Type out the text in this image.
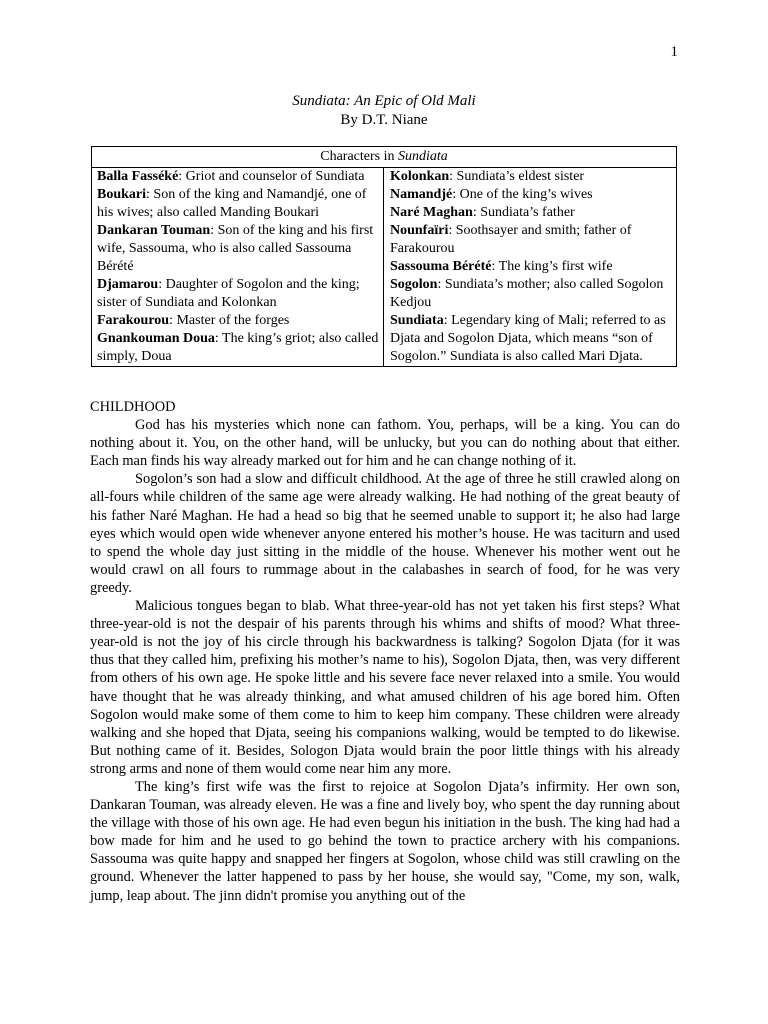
1
Sundiata: An Epic of Old Mali
By D.T. Niane
Characters in Sundiata

Balla Fasséké: Griot and counselor of Sundiata

Boukari: Son of the king and Namandjé, one of his wives; also called Manding Boukari

Dankaran Touman: Son of the king and his first wife, Sassouma, who is also called Sassouma Bérété

Djamarou: Daughter of Sogolon and the king; sister of Sundiata and Kolonkan

Farakourou: Master of the forges

Gnankouman Doua: The king’s griot; also called simply, Doua

Kolonkan: Sundiata’s eldest sister

Namandjé: One of the king’s wives

Naré Maghan: Sundiata’s father

Nounfaïri: Soothsayer and smith; father of Farakourou

Sassouma Bérété: The king’s first wife

Sogolon: Sundiata’s mother; also called Sogolon Kedjou

Sundiata: Legendary king of Mali; referred to as Djata and Sogolon Djata, which means “son of Sogolon.” Sundiata is also called Mari Djata.

CHILDHOOD

God has his mysteries which none can fathom. You, perhaps, will be a king. You can do nothing about it. You, on the other hand, will be unlucky, but you can do nothing about that either. Each man finds his way already marked out for him and he can change nothing of it.

Sogolon’s son had a slow and difficult childhood. At the age of three he still crawled along on all-fours while children of the same age were already walking. He had nothing of the great beauty of his father Naré Maghan. He had a head so big that he seemed unable to support it; he also had large eyes which would open wide whenever anyone entered his mother’s house. He was taciturn and used to spend the whole day just sitting in the middle of the house. Whenever his mother went out he would crawl on all fours to rummage about in the calabashes in search of food, for he was very greedy.

Malicious tongues began to blab. What three-year-old has not yet taken his first steps? What three-year-old is not the despair of his parents through his whims and shifts of mood? What three-year-old is not the joy of his circle through his backwardness is talking? Sogolon Djata (for it was thus that they called him, prefixing his mother’s name to his), Sogolon Djata, then, was very different from others of his own age. He spoke little and his severe face never relaxed into a smile. You would have thought that he was already thinking, and what amused children of his age bored him. Often Sogolon would make some of them come to him to keep him company. These children were already walking and she hoped that Djata, seeing his companions walking, would be tempted to do likewise. But nothing came of it. Besides, Sologon Djata would brain the poor little things with his already strong arms and none of them would come near him any more.

The king’s first wife was the first to rejoice at Sogolon Djata’s infirmity. Her own son, Dankaran Touman, was already eleven. He was a fine and lively boy, who spent the day running about the village with those of his own age. He had even begun his initiation in the bush. The king had had a bow made for him and he used to go behind the town to practice archery with his companions. Sassouma was quite happy and snapped her fingers at Sogolon, whose child was still crawling on the ground. Whenever the latter happened to pass by her house, she would say, "Come, my son, walk, jump, leap about. The jinn didn't promise you anything out of the
